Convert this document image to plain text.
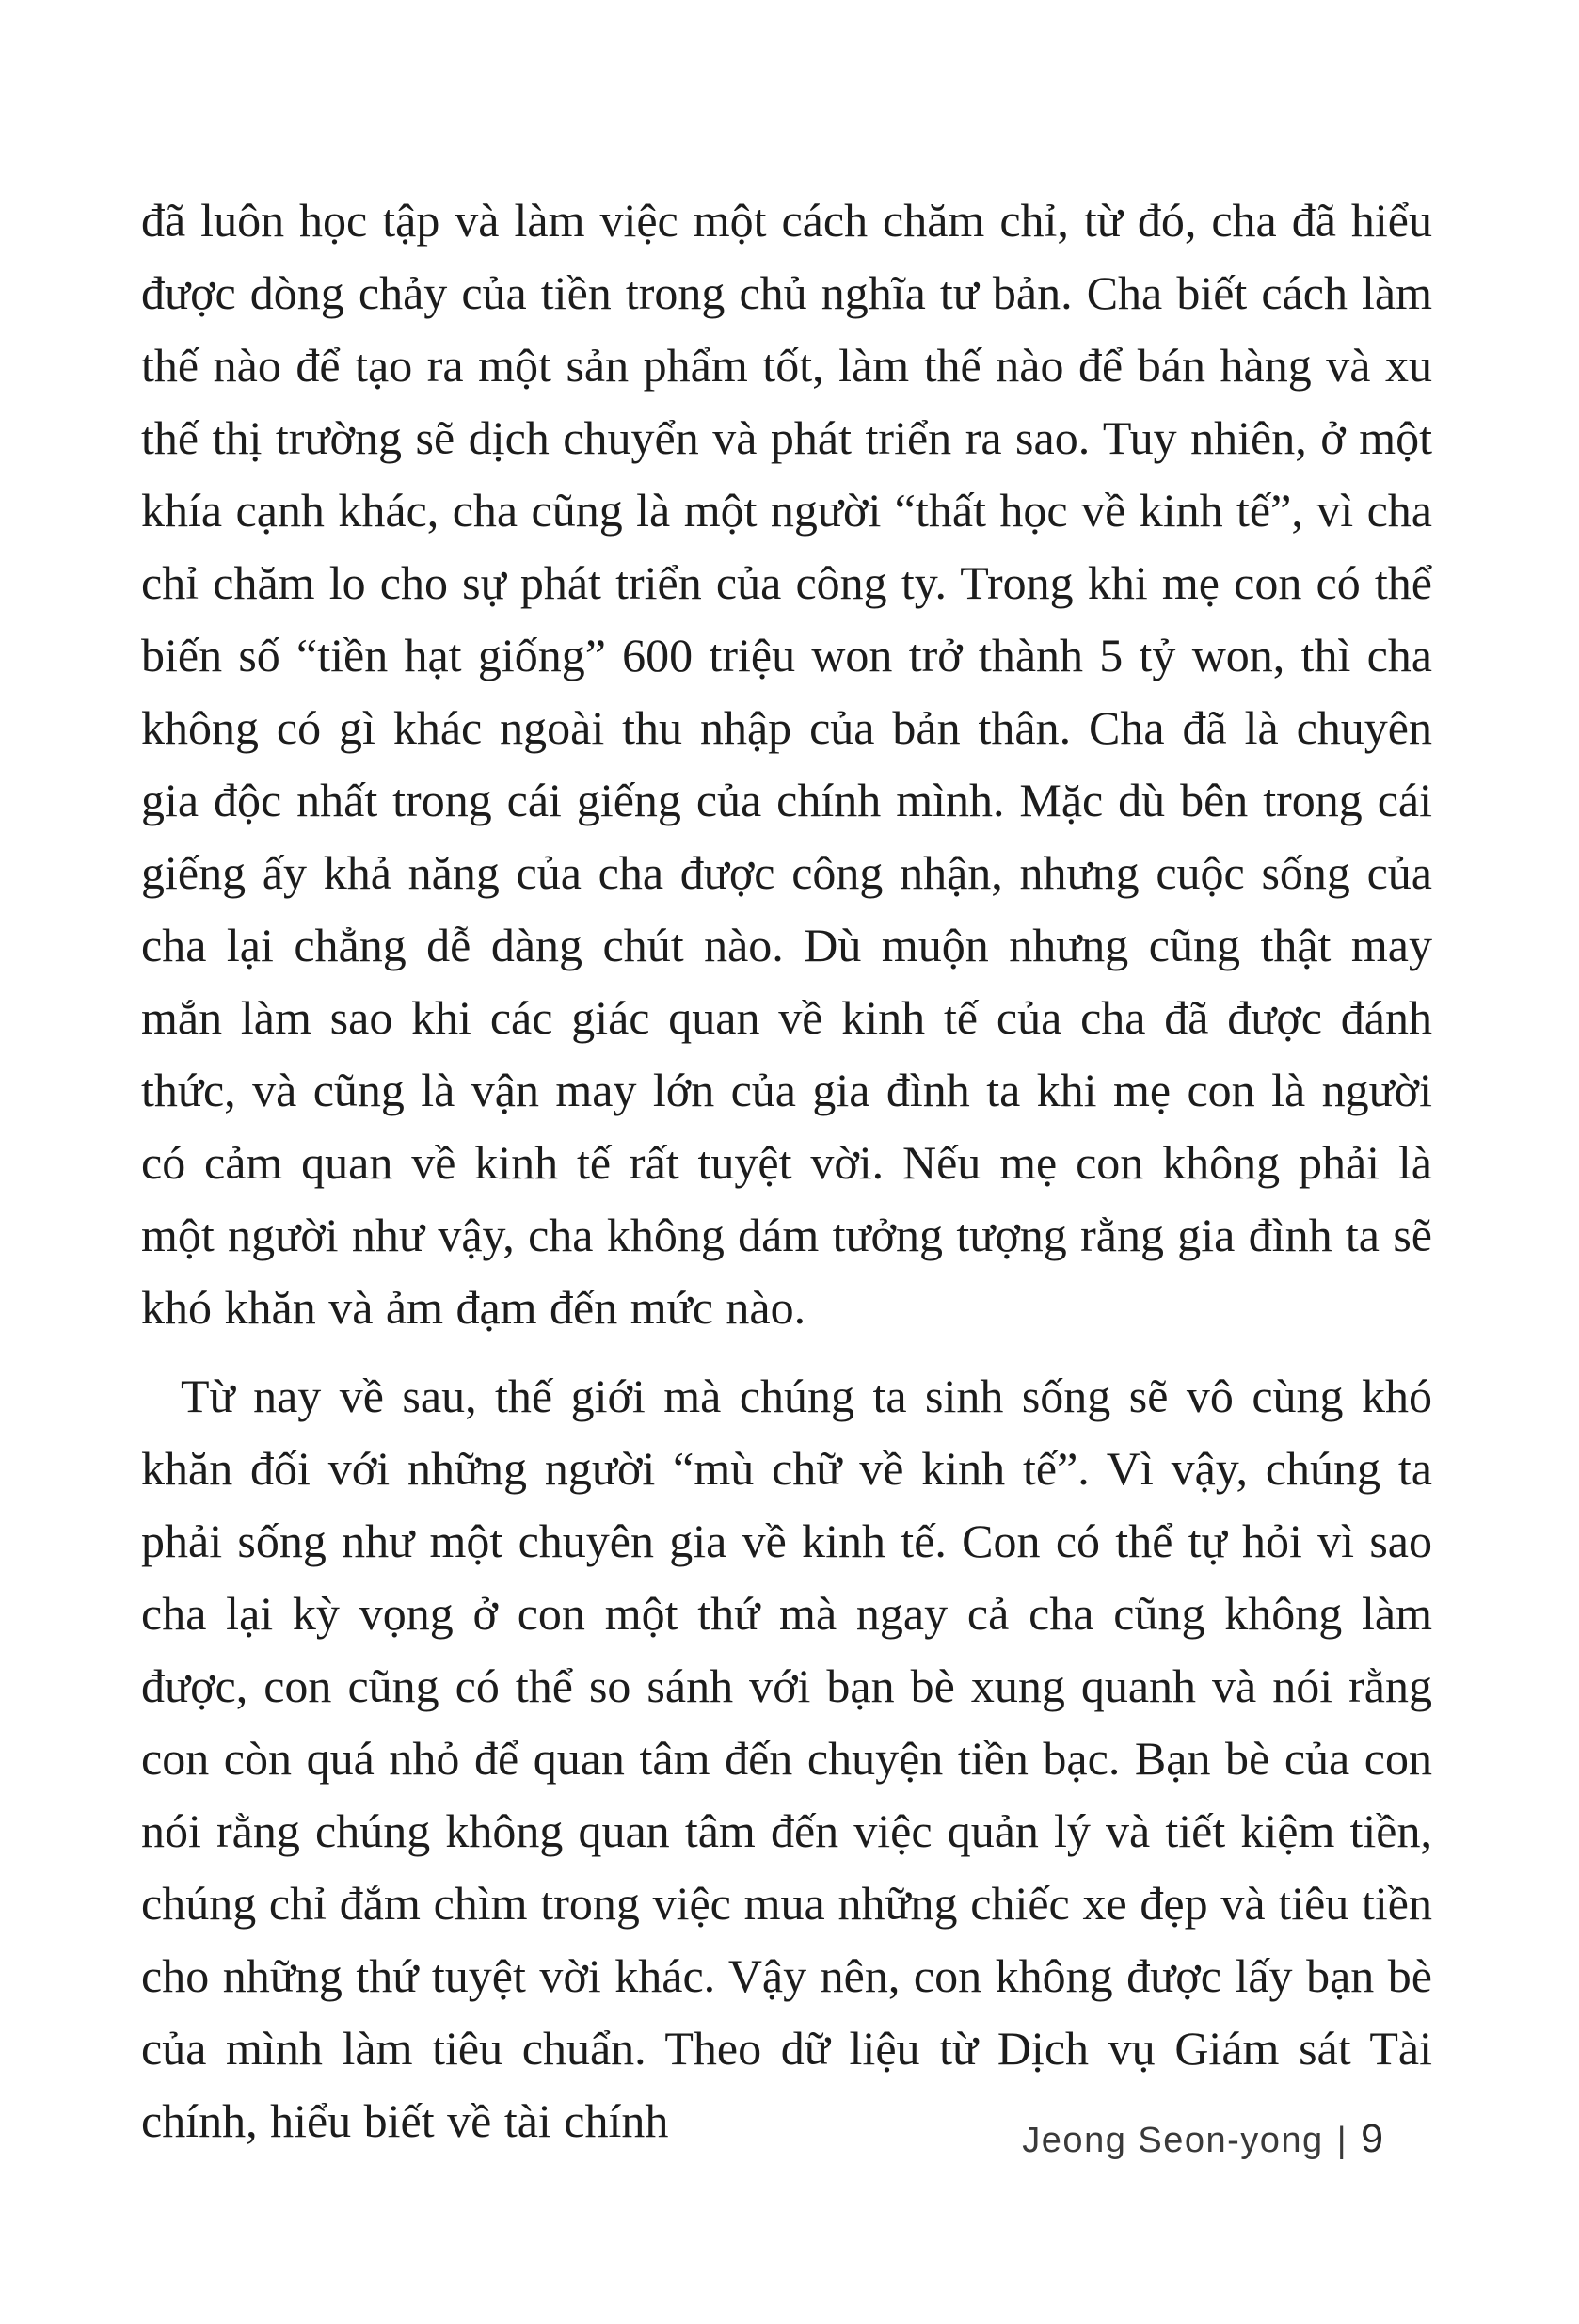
đã luôn học tập và làm việc một cách chăm chỉ, từ đó, cha đã hiểu được dòng chảy của tiền trong chủ nghĩa tư bản. Cha biết cách làm thế nào để tạo ra một sản phẩm tốt, làm thế nào để bán hàng và xu thế thị trường sẽ dịch chuyển và phát triển ra sao. Tuy nhiên, ở một khía cạnh khác, cha cũng là một người “thất học về kinh tế”, vì cha chỉ chăm lo cho sự phát triển của công ty. Trong khi mẹ con có thể biến số “tiền hạt giống” 600 triệu won trở thành 5 tỷ won, thì cha không có gì khác ngoài thu nhập của bản thân. Cha đã là chuyên gia độc nhất trong cái giếng của chính mình. Mặc dù bên trong cái giếng ấy khả năng của cha được công nhận, nhưng cuộc sống của cha lại chẳng dễ dàng chút nào. Dù muộn nhưng cũng thật may mắn làm sao khi các giác quan về kinh tế của cha đã được đánh thức, và cũng là vận may lớn của gia đình ta khi mẹ con là người có cảm quan về kinh tế rất tuyệt vời. Nếu mẹ con không phải là một người như vậy, cha không dám tưởng tượng rằng gia đình ta sẽ khó khăn và ảm đạm đến mức nào.

Từ nay về sau, thế giới mà chúng ta sinh sống sẽ vô cùng khó khăn đối với những người “mù chữ về kinh tế”. Vì vậy, chúng ta phải sống như một chuyên gia về kinh tế. Con có thể tự hỏi vì sao cha lại kỳ vọng ở con một thứ mà ngay cả cha cũng không làm được, con cũng có thể so sánh với bạn bè xung quanh và nói rằng con còn quá nhỏ để quan tâm đến chuyện tiền bạc. Bạn bè của con nói rằng chúng không quan tâm đến việc quản lý và tiết kiệm tiền, chúng chỉ đắm chìm trong việc mua những chiếc xe đẹp và tiêu tiền cho những thứ tuyệt vời khác. Vậy nên, con không được lấy bạn bè của mình làm tiêu chuẩn. Theo dữ liệu từ Dịch vụ Giám sát Tài chính, hiểu biết về tài chính	Jeong Seon-yong | 9
